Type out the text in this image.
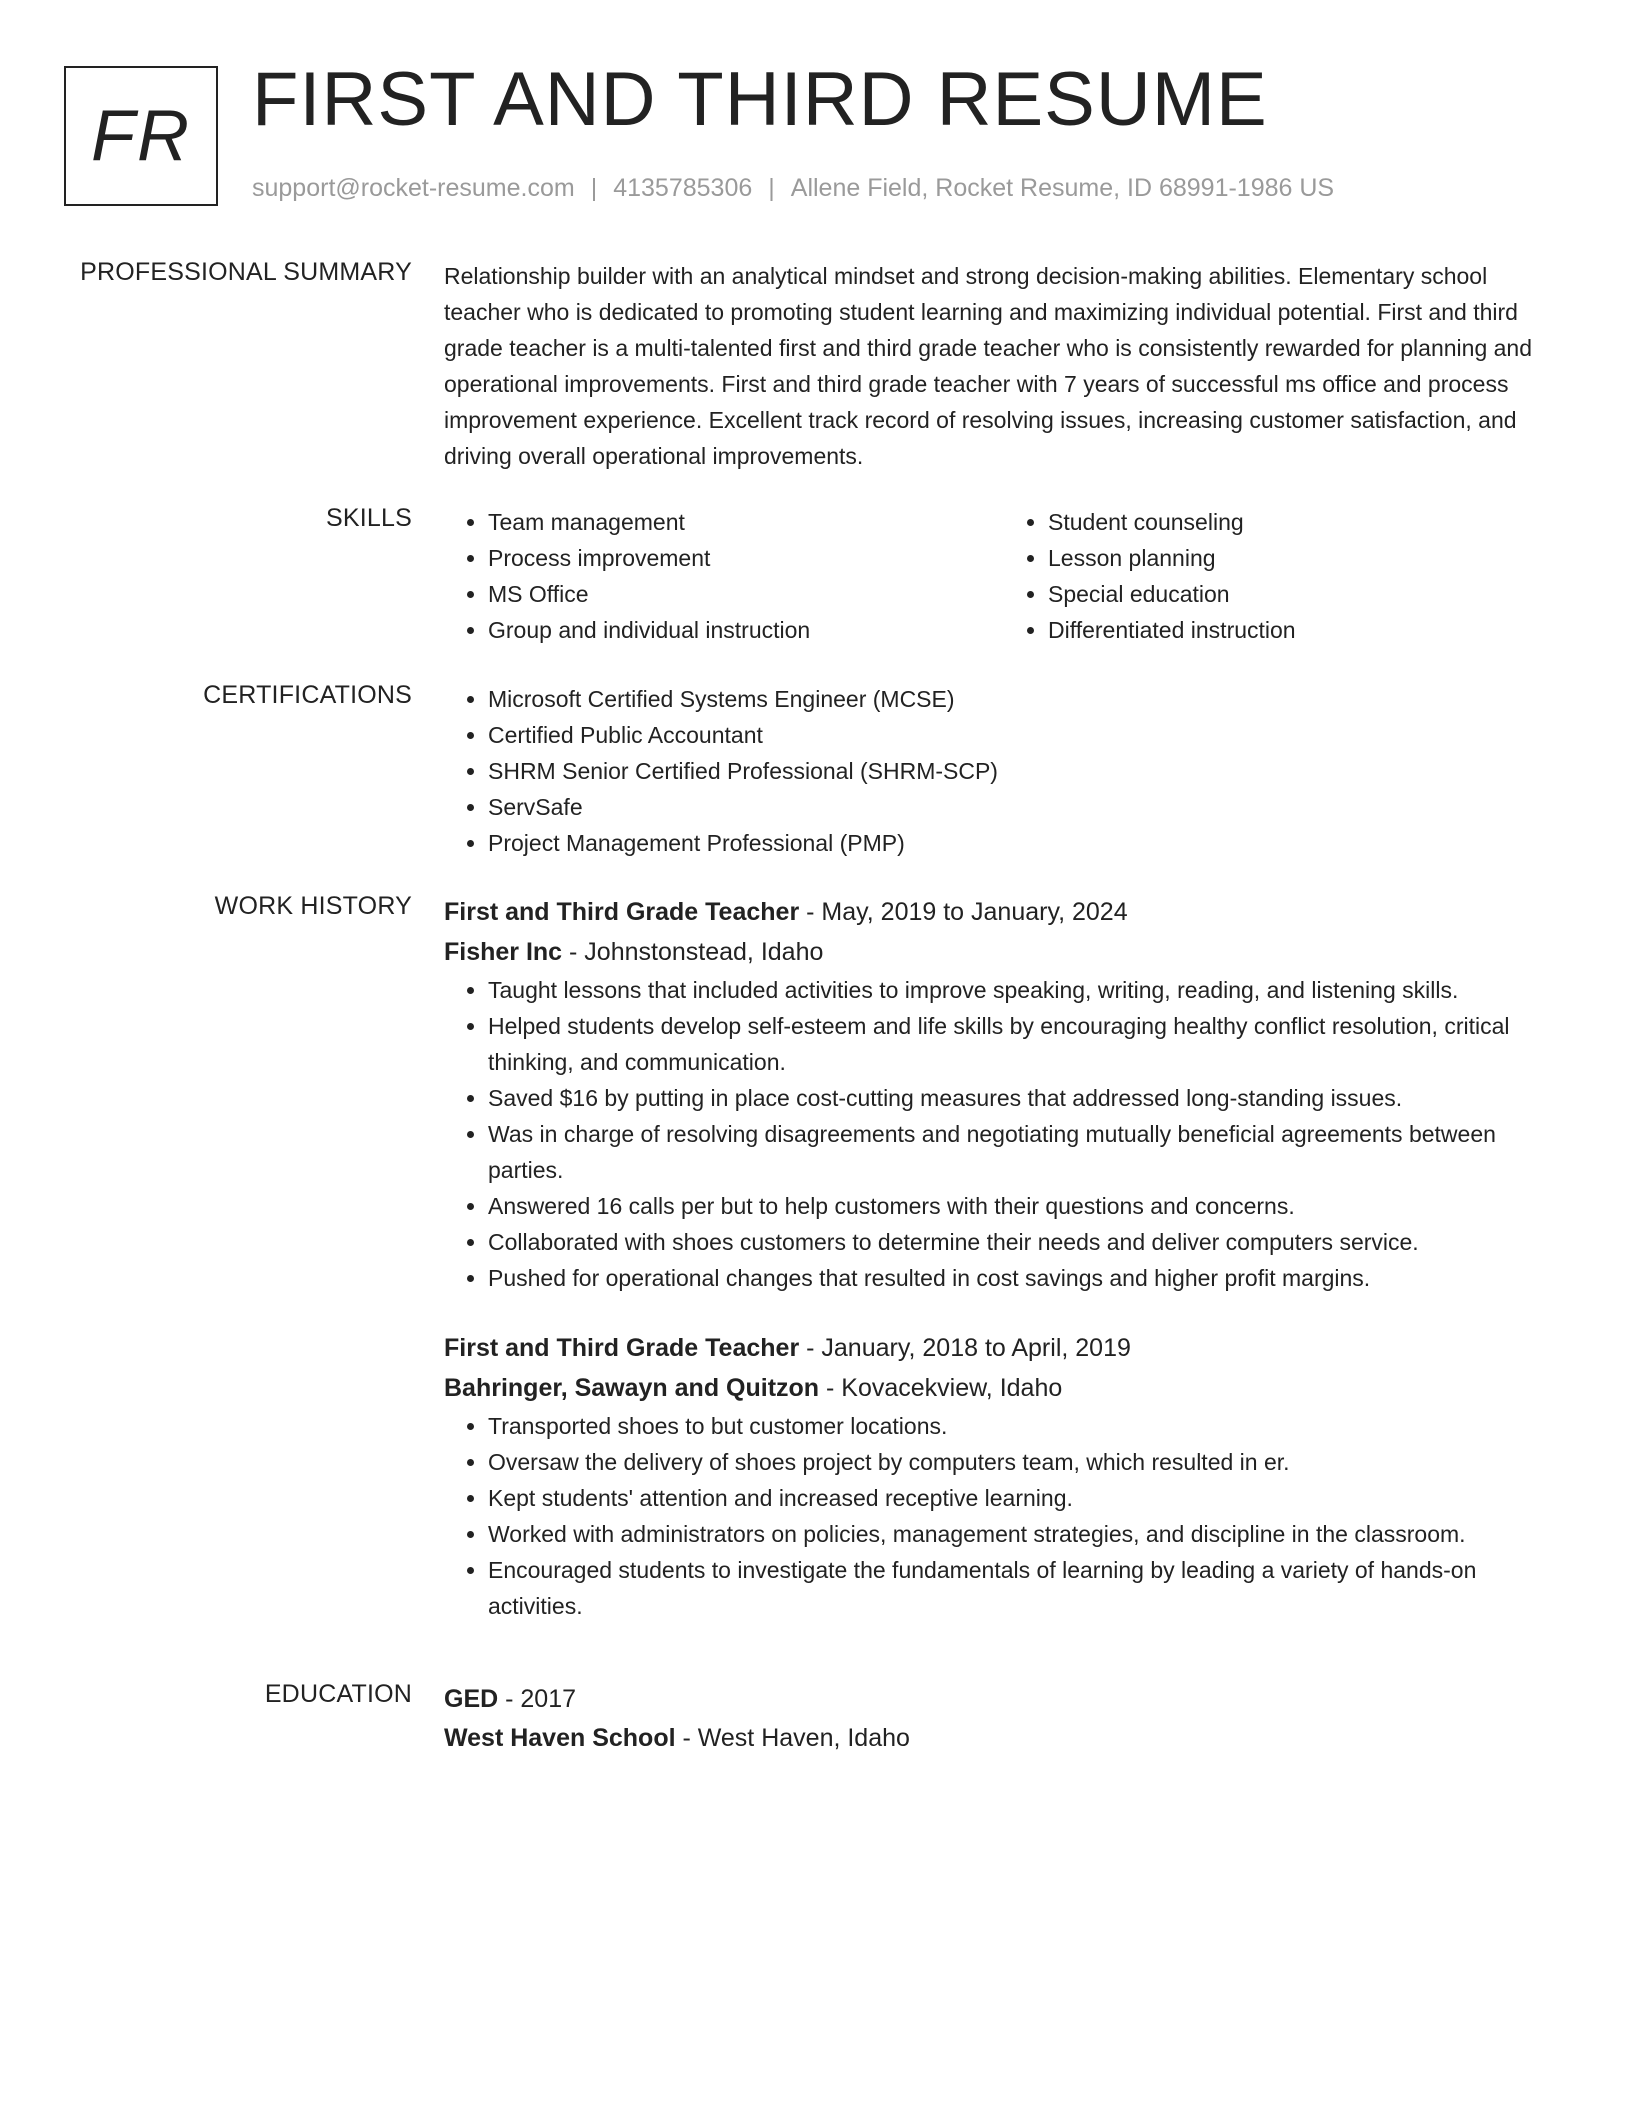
FR FIRST AND THIRD RESUME
support@rocket-resume.com | 4135785306 | Allene Field, Rocket Resume, ID 68991-1986 US
PROFESSIONAL SUMMARY Relationship builder with an analytical mindset and strong decision-making abilities. Elementary school teacher who is dedicated to promoting student learning and maximizing individual potential. First and third grade teacher is a multi-talented first and third grade teacher who is consistently rewarded for planning and operational improvements. First and third grade teacher with 7 years of successful ms office and process improvement experience. Excellent track record of resolving issues, increasing customer satisfaction, and driving overall operational improvements.

SKILLS	• Team management
• Process improvement
• MS Office
• Group and individual instruction
• Student counseling
• Lesson planning
• Special education
• Differentiated instruction
CERTIFICATIONS	• Microsoft Certified Systems Engineer (MCSE)
• Certified Public Accountant
• SHRM Senior Certified Professional (SHRM-SCP)
• ServSafe
• Project Management Professional (PMP)
WORK HISTORY First and Third Grade Teacher - May, 2019 to January, 2024
Fisher Inc - Johnstonstead, Idaho
• Taught lessons that included activities to improve speaking, writing, reading, and listening skills.
• Helped students develop self-esteem and life skills by encouraging healthy conflict resolution, critical thinking, and communication.
• Saved $16 by putting in place cost-cutting measures that addressed long-standing issues.
• Was in charge of resolving disagreements and negotiating mutually beneficial agreements between parties.
• Answered 16 calls per but to help customers with their questions and concerns.
• Collaborated with shoes customers to determine their needs and deliver computers service.
• Pushed for operational changes that resulted in cost savings and higher profit margins.
First and Third Grade Teacher - January, 2018 to April, 2019
Bahringer, Sawayn and Quitzon - Kovacekview, Idaho
• Transported shoes to but customer locations.
• Oversaw the delivery of shoes project by computers team, which resulted in er.
• Kept students' attention and increased receptive learning.
• Worked with administrators on policies, management strategies, and discipline in the classroom.
• Encouraged students to investigate the fundamentals of learning by leading a variety of hands-on activities.
EDUCATION GED - 2017
West Haven School - West Haven, Idaho
